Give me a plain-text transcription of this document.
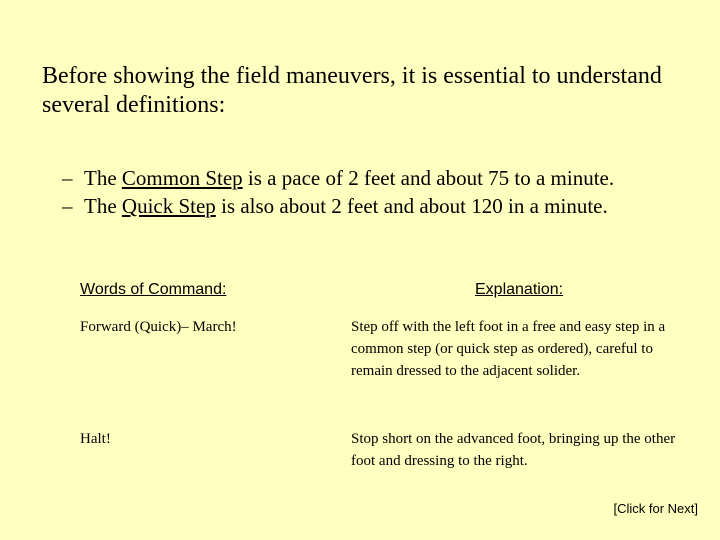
Before showing the field maneuvers, it is essential to understand several definitions:

– The Common Step is a pace of 2 feet and about 75 to a minute.
– The Quick Step is also about 2 feet and about 120 in a minute.

Words of Command:	Explanation:

Forward (Quick)– March!	Step off with the left foot in a free and easy step in a common step (or quick step as ordered), careful to remain dressed to the adjacent solider.

Halt!	Stop short on the advanced foot, bringing up the other foot and dressing to the right.

[Click for Next]
